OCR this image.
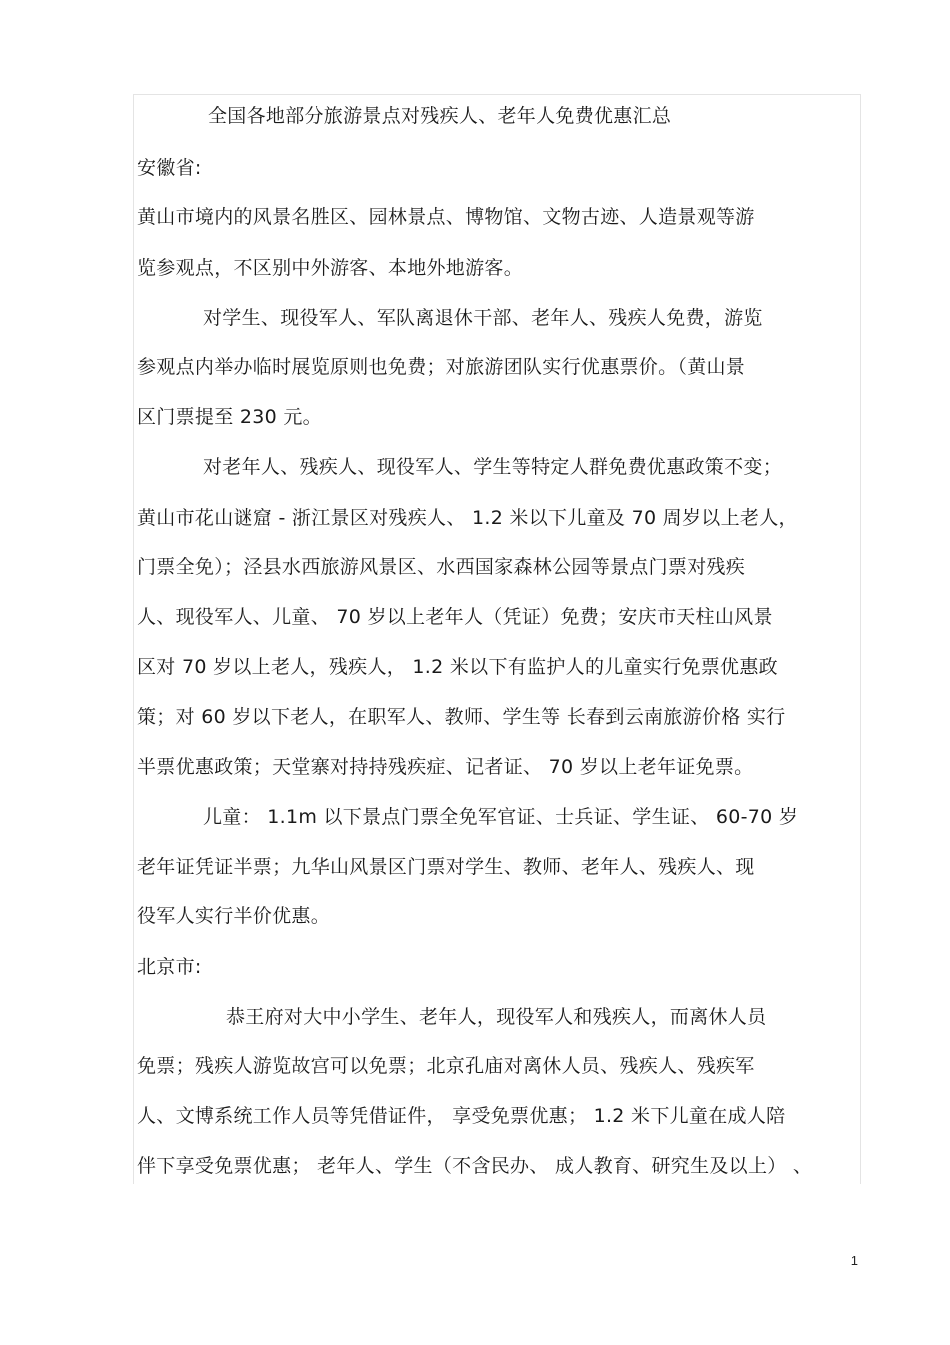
全国各地部分旅游景点对残疾人、老年人免费优惠汇总
安徽省:
黄山市境内的风景名胜区、园林景点、博物馆、文物古迹、人造景观等游
览参观点，不区别中外游客、本地外地游客。
对学生、现役军人、军队离退休干部、老年人、残疾人免费，游览
参观点内举办临时展览原则也免费；对旅游团队实行优惠票价。（黄山景
区门票提至 230 元。
对老年人、残疾人、现役军人、学生等特定人群免费优惠政策不变；
黄山市花山谜窟 - 浙江景区对残疾人、 1.2 米以下儿童及 70 周岁以上老人，
门票全免）；泾县水西旅游风景区、水西国家森林公园等景点门票对残疾
人、现役军人、儿童、 70 岁以上老年人（凭证）免费；安庆市天柱山风景
区对 70 岁以上老人，残疾人， 1.2 米以下有监护人的儿童实行免票优惠政
策；对 60 岁以下老人，在职军人、教师、学生等 长春到云南旅游价格 实行
半票优惠政策；天堂寨对持持残疾症、记者证、 70 岁以上老年证免票。
儿童： 1.1m 以下景点门票全免军官证、士兵证、学生证、 60-70 岁
老年证凭证半票；九华山风景区门票对学生、教师、老年人、残疾人、现
役军人实行半价优惠。
北京市:
恭王府对大中小学生、老年人，现役军人和残疾人，而离休人员
免票；残疾人游览故宫可以免票；北京孔庙对离休人员、残疾人、残疾军
人、文博系统工作人员等凭借证件， 享受免票优惠； 1.2 米下儿童在成人陪
伴下享受免票优惠； 老年人、学生（不含民办、 成人教育、研究生及以上） 、
1
